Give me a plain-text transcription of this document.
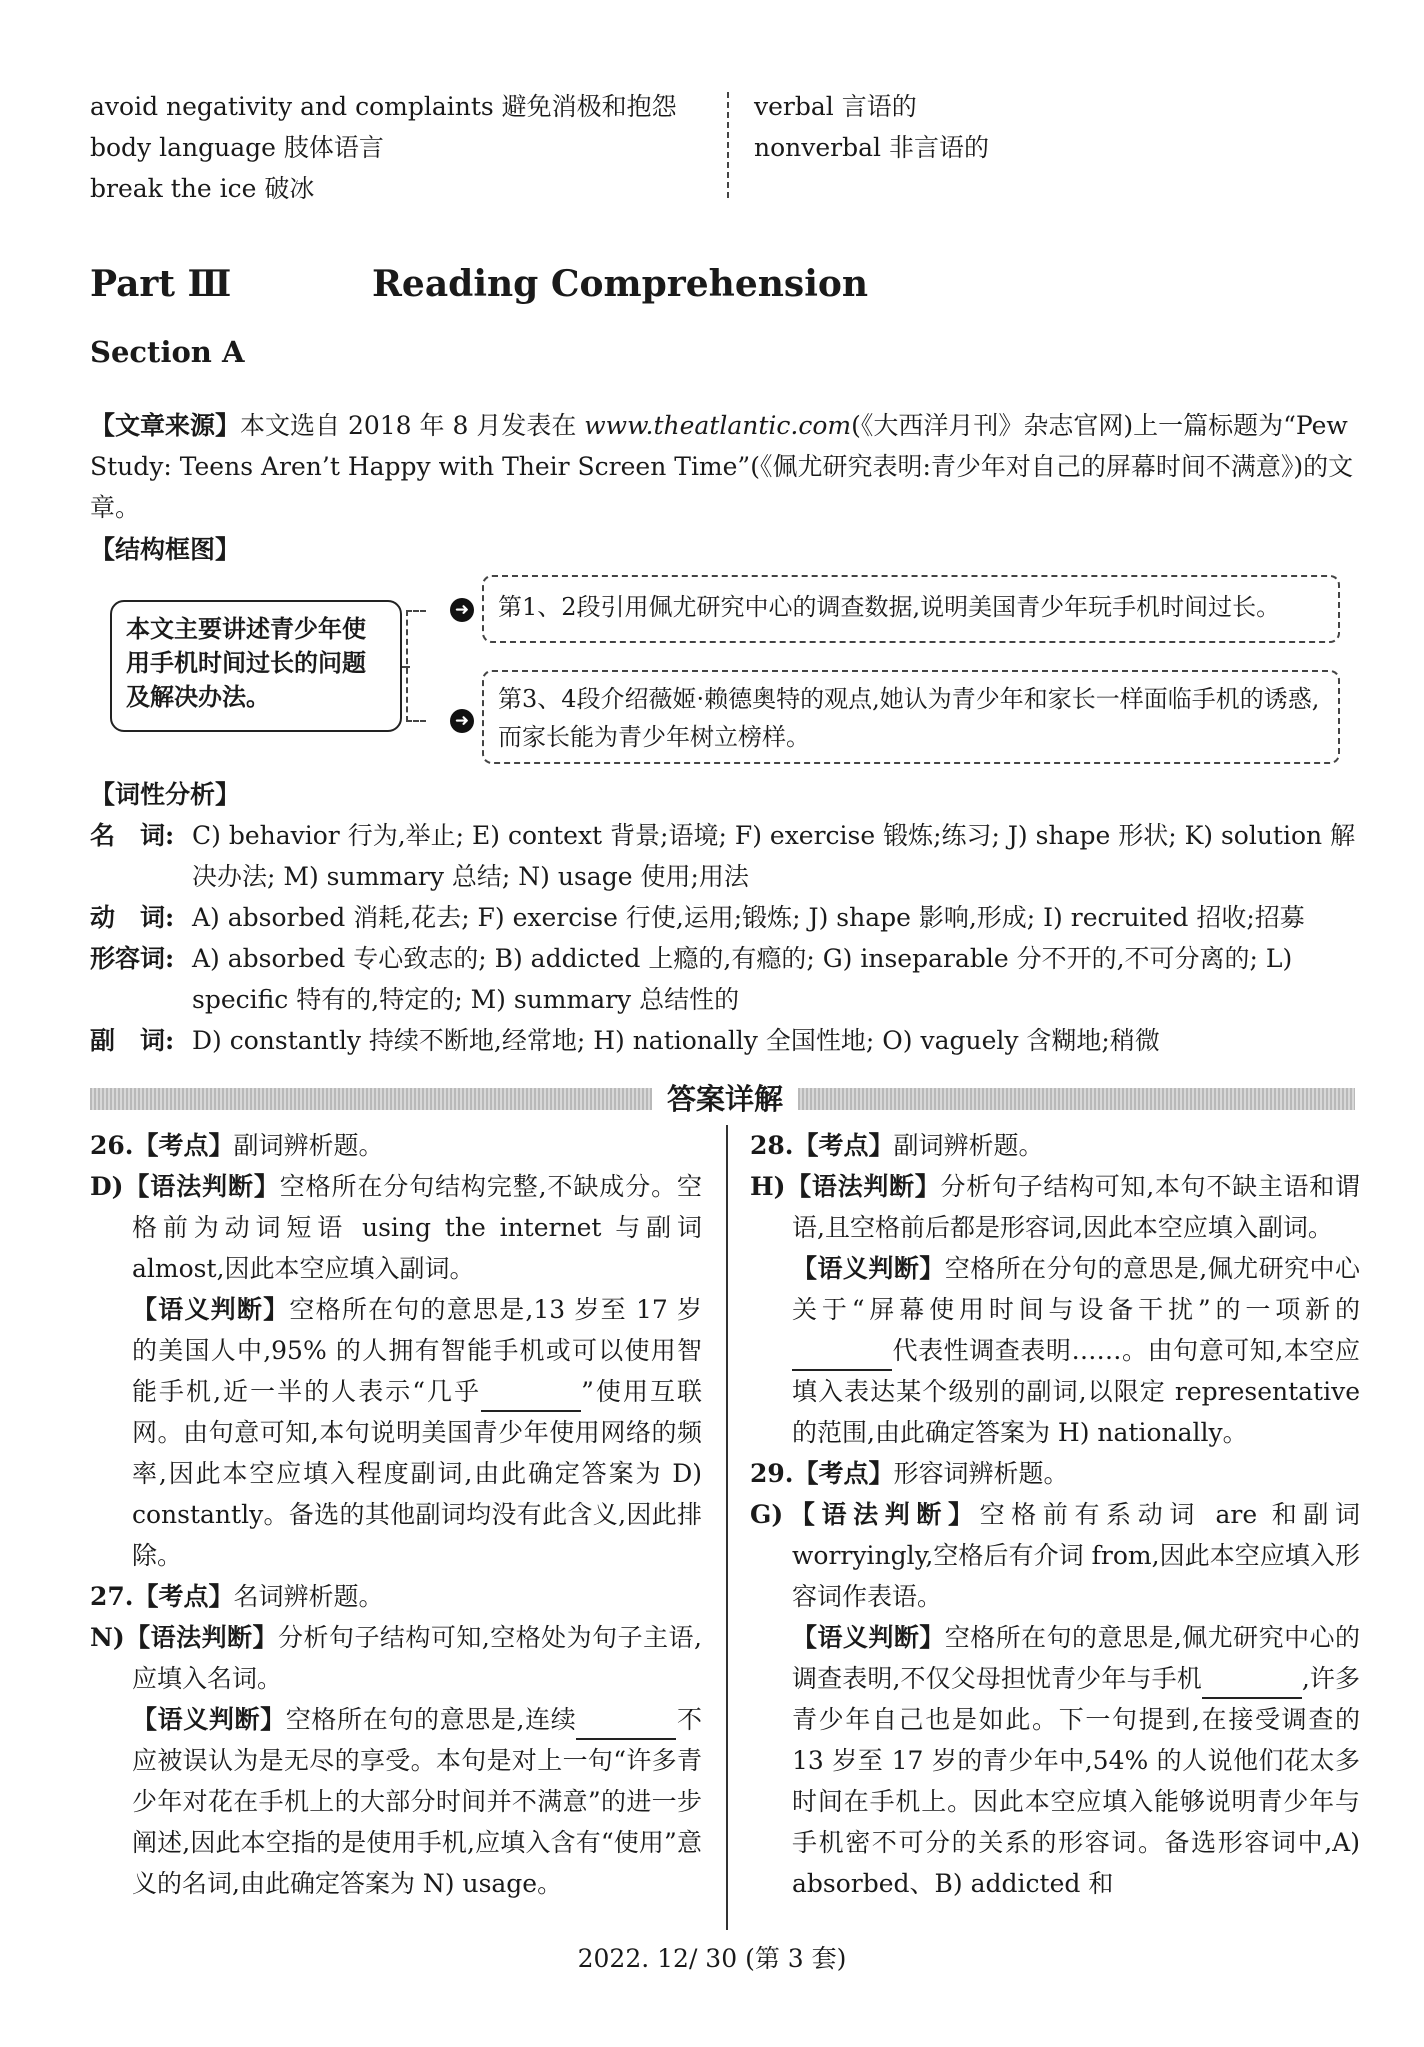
avoid negativity and complaints 避免消极和抱怨
body language 肢体语言
break the ice 破冰
verbal 言语的
nonverbal 非言语的
Part Ⅲ	Reading Comprehension
Section A
【文章来源】本文选自 2018 年 8 月发表在 www.theatlantic.com(《大西洋月刊》杂志官网)上一篇标题为“Pew Study: Teens Aren’t Happy with Their Screen Time”(《佩尤研究表明:青少年对自己的屏幕时间不满意》)的文章。
【结构框图】
本文主要讲述青少年使用手机时间过长的问题及解决办法。
➜
➜
第1、2段引用佩尤研究中心的调查数据,说明美国青少年玩手机时间过长。
第3、4段介绍薇姬·赖德奥特的观点,她认为青少年和家长一样面临手机的诱惑,而家长能为青少年树立榜样。
【词性分析】
名　词: C) behavior 行为,举止; E) context 背景;语境; F) exercise 锻炼;练习; J) shape 形状; K) solution 解决办法; M) summary 总结; N) usage 使用;用法
动　词: A) absorbed 消耗,花去; F) exercise 行使,运用;锻炼; J) shape 影响,形成; I) recruited 招收;招募
形容词: A) absorbed 专心致志的; B) addicted 上瘾的,有瘾的; G) inseparable 分不开的,不可分离的; L) specific 特有的,特定的; M) summary 总结性的
副　词: D) constantly 持续不断地,经常地; H) nationally 全国性地; O) vaguely 含糊地;稍微
答案详解

26.【考点】副词辨析题。

D)【语法判断】空格所在分句结构完整,不缺成分。空格前为动词短语 using the internet 与副词 almost,因此本空应填入副词。

【语义判断】空格所在句的意思是,13 岁至 17 岁的美国人中,95% 的人拥有智能手机或可以使用智能手机,近一半的人表示“几乎	”使用互联网。由句意可知,本句说明美国青少年使用网络的频率,因此本空应填入程度副词,由此确定答案为 D) constantly。备选的其他副词均没有此含义,因此排除。

27.【考点】名词辨析题。

N)【语法判断】分析句子结构可知,空格处为句子主语,应填入名词。

【语义判断】空格所在句的意思是,连续	不应被误认为是无尽的享受。本句是对上一句“许多青少年对花在手机上的大部分时间并不满意”的进一步阐述,因此本空指的是使用手机,应填入含有“使用”意义的名词,由此确定答案为 N) usage。

28.【考点】副词辨析题。

H)【语法判断】分析句子结构可知,本句不缺主语和谓语,且空格前后都是形容词,因此本空应填入副词。

【语义判断】空格所在分句的意思是,佩尤研究中心关于“屏幕使用时间与设备干扰”的一项新的代表性调查表明……。由句意可知,本空应填入表达某个级别的副词,以限定 representative 的范围,由此确定答案为 H) nationally。

29.【考点】形容词辨析题。

G)【语法判断】空格前有系动词 are 和副词 worryingly,空格后有介词 from,因此本空应填入形容词作表语。

【语义判断】空格所在句的意思是,佩尤研究中心的调查表明,不仅父母担忧青少年与手机	,许多青少年自己也是如此。下一句提到,在接受调查的 13 岁至 17 岁的青少年中,54% 的人说他们花太多时间在手机上。因此本空应填入能够说明青少年与手机密不可分的关系的形容词。备选形容词中,A) absorbed、B) addicted 和

2022. 12/ 30 (第 3 套)
